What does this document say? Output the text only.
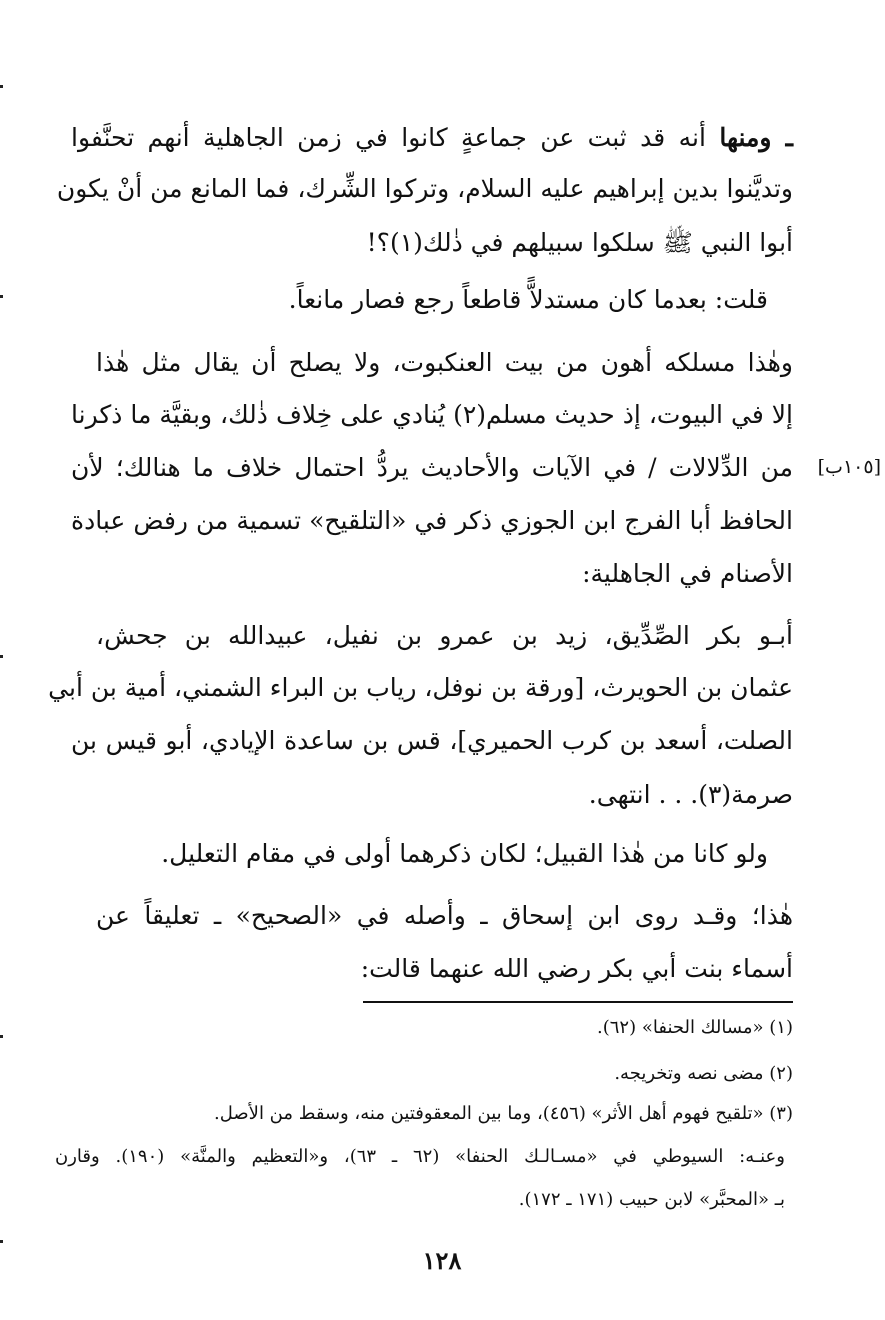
ـ ومنها أنه قد ثبت عن جماعةٍ كانوا في زمن الجاهلية أنهم تحنَّفوا
وتديَّنوا بدين إبراهيم عليه السلام، وتركوا الشِّرك، فما المانع من أنْ يكون
أبوا النبي ﷺ سلكوا سبيلهم في ذٰلك(١)؟!
قلت: بعدما كان مستدلاًّ قاطعاً رجع فصار مانعاً.
وهٰذا مسلكه أهون من بيت العنكبوت، ولا يصلح أن يقال مثل هٰذا
إلا في البيوت، إذ حديث مسلم(٢) يُنادي على خِلاف ذٰلك، وبقيَّة ما ذكرنا
من الدِّلالات / في الآيات والأحاديث يردُّ احتمال خلاف ما هنالك؛ لأن	[١٠٥ب]
الحافظ أبا الفرج ابن الجوزي ذكر في «التلقيح» تسمية من رفض عبادة
الأصنام في الجاهلية:
أبـو بكر الصِّدِّيق، زيد بن عمرو بن نفيل، عبيدالله بن جحش،
عثمان بن الحويرث، [ورقة بن نوفل، رياب بن البراء الشمني، أمية بن أبي
الصلت، أسعد بن كرب الحميري]، قس بن ساعدة الإيادي، أبو قيس بن
صرمة(٣). . . انتهى.
ولو كانا من هٰذا القبيل؛ لكان ذكرهما أولى في مقام التعليل.
هٰذا؛ وقـد روى ابن إسحاق ـ وأصله في «الصحيح» ـ تعليقاً عن
أسماء بنت أبي بكر رضي الله عنهما قالت:
(١) «مسالك الحنفا» (٦٢).
(٢) مضى نصه وتخريجه.
(٣) «تلقيح فهوم أهل الأثر» (٤٥٦)، وما بين المعقوفتين منه، وسقط من الأصل.
وعنـه: السيوطي في «مسـالـك الحنفا» (٦٢ ـ ٦٣)، و«التعظيم والمنَّة» (١٩٠). وقارن
بـ «المحبَّر» لابن حبيب (١٧١ ـ ١٧٢).
١٢٨
